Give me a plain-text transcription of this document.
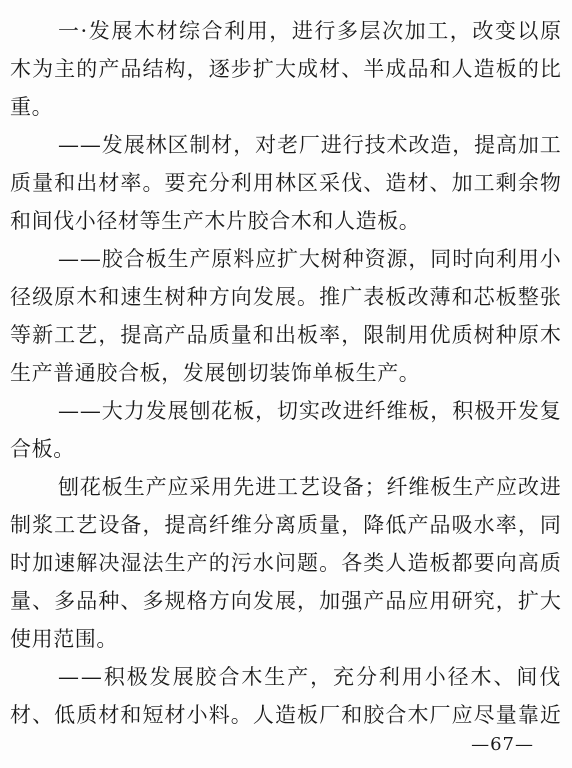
一·发展木材综合利用，进行多层次加工，改变以原
木为主的产品结构，逐步扩大成材、半成品和人造板的比
重。
——发展林区制材，对老厂进行技术改造，提高加工
质量和出材率。要充分利用林区采伐、造材、加工剩余物
和间伐小径材等生产木片胶合木和人造板。
——胶合板生产原料应扩大树种资源，同时向利用小
径级原木和速生树种方向发展。推广表板改薄和芯板整张
等新工艺，提高产品质量和出板率，限制用优质树种原木
生产普通胶合板，发展刨切装饰单板生产。
——大力发展刨花板，切实改进纤维板，积极开发复
合板。
刨花板生产应采用先进工艺设备；纤维板生产应改进
制浆工艺设备，提高纤维分离质量，降低产品吸水率，同
时加速解决湿法生产的污水问题。各类人造板都要向高质
量、多品种、多规格方向发展，加强产品应用研究，扩大
使用范围。
——积极发展胶合木生产，充分利用小径木、间伐
材、低质材和短材小料。人造板厂和胶合木厂应尽量靠近
—67—
